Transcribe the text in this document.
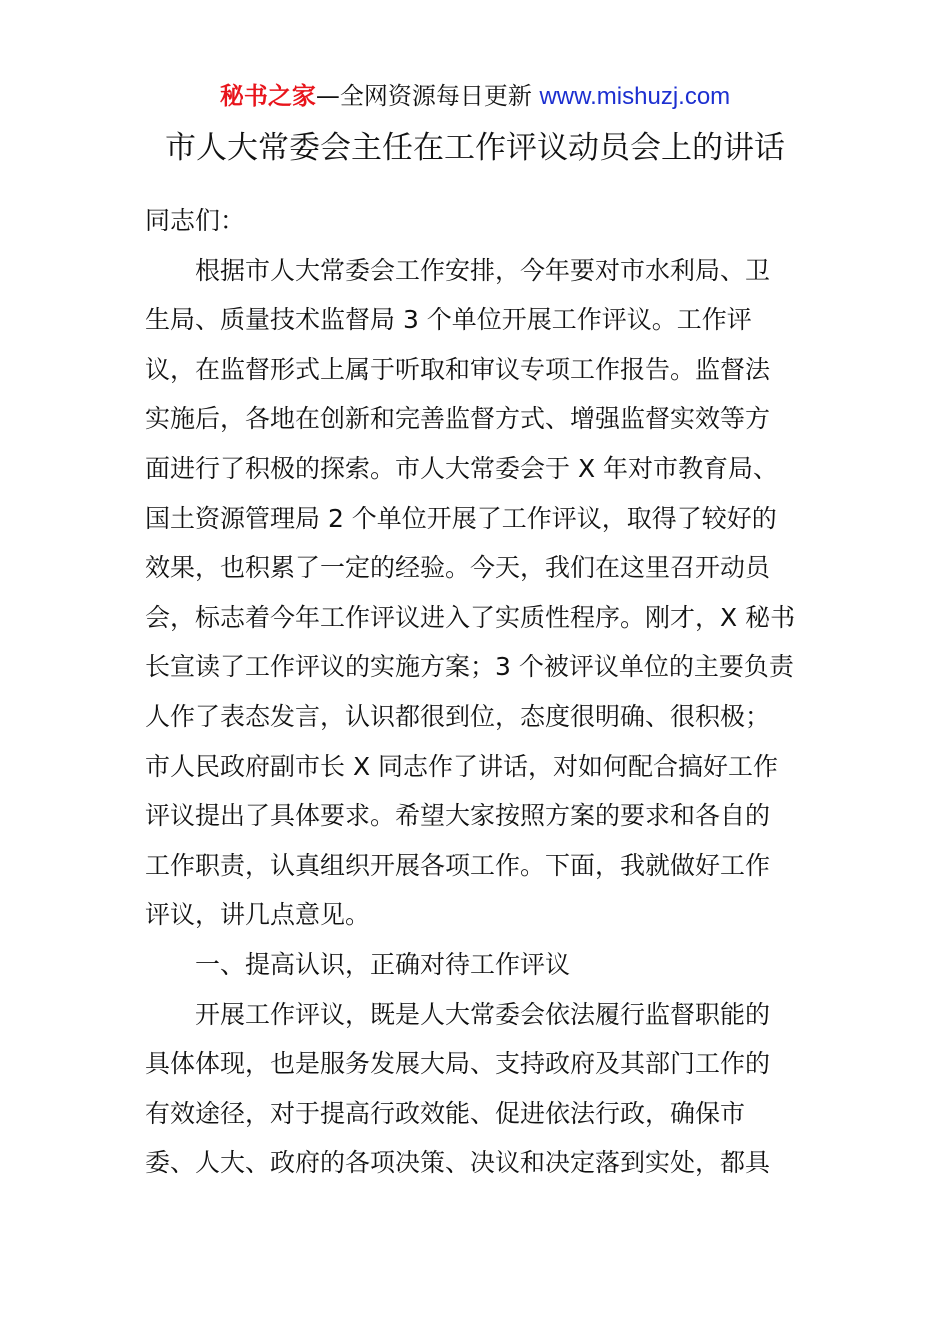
秘书之家—全网资源每日更新 www.mishuzj.com
市人大常委会主任在工作评议动员会上的讲话
同志们：
根据市人大常委会工作安排，今年要对市水利局、卫
生局、质量技术监督局 3 个单位开展工作评议。工作评
议，在监督形式上属于听取和审议专项工作报告。监督法
实施后，各地在创新和完善监督方式、增强监督实效等方
面进行了积极的探索。市人大常委会于 X 年对市教育局、
国土资源管理局 2 个单位开展了工作评议，取得了较好的
效果，也积累了一定的经验。今天，我们在这里召开动员
会，标志着今年工作评议进入了实质性程序。刚才，X 秘书
长宣读了工作评议的实施方案；3 个被评议单位的主要负责
人作了表态发言，认识都很到位，态度很明确、很积极；
市人民政府副市长 X 同志作了讲话，对如何配合搞好工作
评议提出了具体要求。希望大家按照方案的要求和各自的
工作职责，认真组织开展各项工作。下面，我就做好工作
评议，讲几点意见。
一、提高认识，正确对待工作评议
开展工作评议，既是人大常委会依法履行监督职能的
具体体现，也是服务发展大局、支持政府及其部门工作的
有效途径，对于提高行政效能、促进依法行政，确保市
委、人大、政府的各项决策、决议和决定落到实处，都具
